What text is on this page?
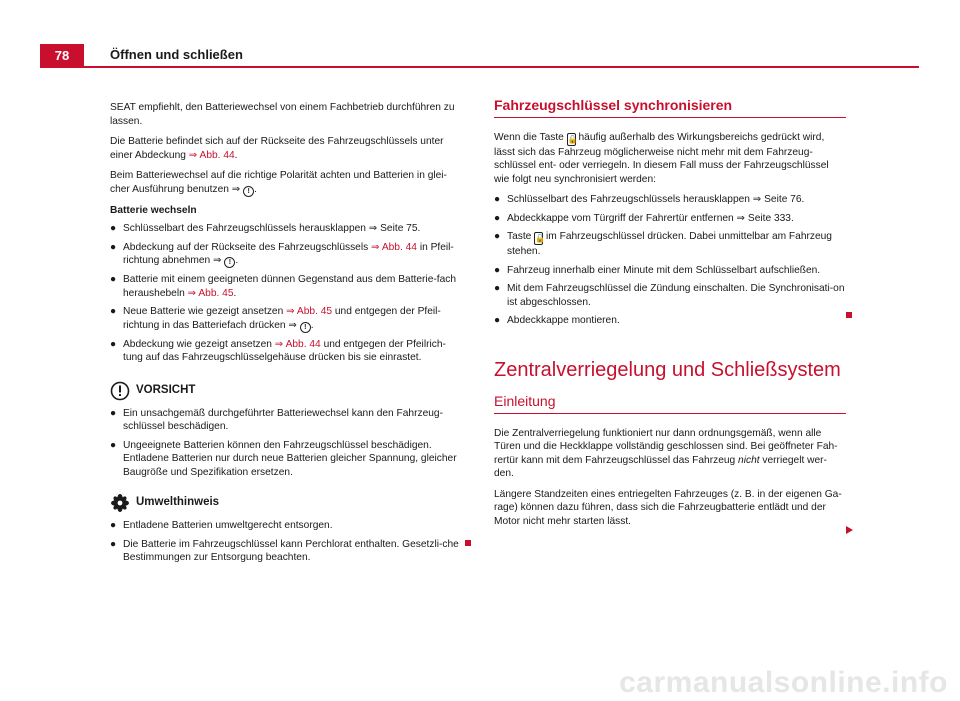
78	Öffnen und schließen

SEAT empfiehlt, den Batteriewechsel von einem Fachbetrieb durchführen zu lassen.

Die Batterie befindet sich auf der Rückseite des Fahrzeugschlüssels unter einer Abdeckung ⇒ Abb. 44.

Beim Batteriewechsel auf die richtige Polarität achten und Batterien in glei-cher Ausführung benutzen ⇒ ! .

Batterie wechseln

● Schlüsselbart des Fahrzeugschlüssels herausklappen ⇒ Seite 75.
● Abdeckung auf der Rückseite des Fahrzeugschlüssels ⇒ Abb. 44 in Pfeil-richtung abnehmen ⇒ ! .
● Batterie mit einem geeigneten dünnen Gegenstand aus dem Batterie-fach heraushebeln ⇒ Abb. 45.
● Neue Batterie wie gezeigt ansetzen ⇒ Abb. 45 und entgegen der Pfeil-richtung in das Batteriefach drücken ⇒ ! .
● Abdeckung wie gezeigt ansetzen ⇒ Abb. 44 und entgegen der Pfeilrich-tung auf das Fahrzeugschlüsselgehäuse drücken bis sie einrastet.
VORSICHT
● Ein unsachgemäß durchgeführter Batteriewechsel kann den Fahrzeug-schlüssel beschädigen.
● Ungeeignete Batterien können den Fahrzeugschlüssel beschädigen. Entladene Batterien nur durch neue Batterien gleicher Spannung, gleicher Baugröße und Spezifikation ersetzen.
Umwelthinweis
● Entladene Batterien umweltgerecht entsorgen.
● Die Batterie im Fahrzeugschlüssel kann Perchlorat enthalten. Gesetzli-che Bestimmungen zur Entsorgung beachten.
Fahrzeugschlüssel synchronisieren

Wenn die Taste 🔓 häufig außerhalb des Wirkungsbereichs gedrückt wird, lässt sich das Fahrzeug möglicherweise nicht mehr mit dem Fahrzeug-schlüssel ent- oder verriegeln. In diesem Fall muss der Fahrzeugschlüssel wie folgt neu synchronisiert werden:

● Schlüsselbart des Fahrzeugschlüssels herausklappen ⇒ Seite 76.
● Abdeckkappe vom Türgriff der Fahrertür entfernen ⇒ Seite 333.
● Taste 🔓 im Fahrzeugschlüssel drücken. Dabei unmittelbar am Fahrzeug stehen.
● Fahrzeug innerhalb einer Minute mit dem Schlüsselbart aufschließen.
● Mit dem Fahrzeugschlüssel die Zündung einschalten. Die Synchronisati-on ist abgeschlossen.
● Abdeckkappe montieren.
Zentralverriegelung und Schließsystem
Einleitung

Die Zentralverriegelung funktioniert nur dann ordnungsgemäß, wenn alle Türen und die Heckklappe vollständig geschlossen sind. Bei geöffneter Fah-rertür kann mit dem Fahrzeugschlüssel das Fahrzeug nicht verriegelt wer-den.

Längere Standzeiten eines entriegelten Fahrzeuges (z. B. in der eigenen Ga-rage) können dazu führen, dass sich die Fahrzeugbatterie entlädt und der Motor nicht mehr starten lässt.

carmanualsonline.info
